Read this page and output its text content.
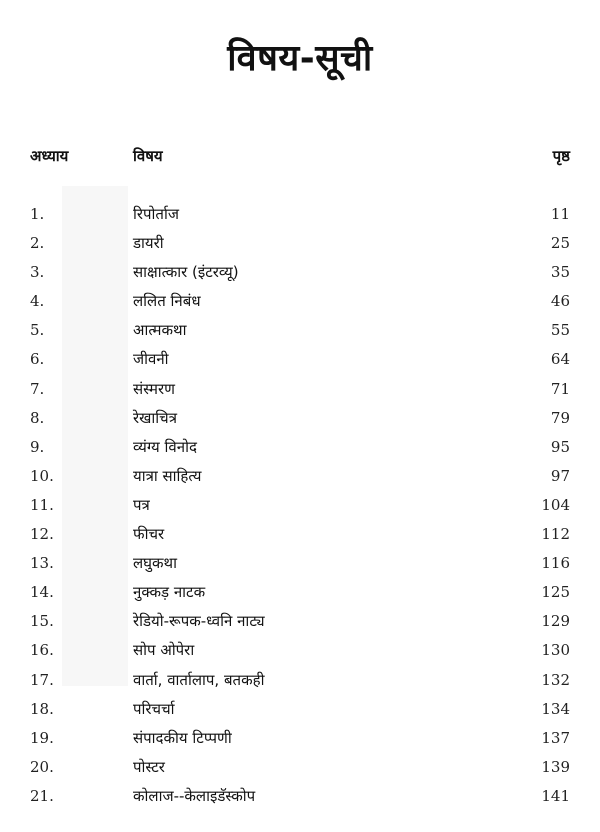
विषय-सूची
अध्याय	विषय	पृष्ठ
1.	रिपोर्ताज	11
2.	डायरी	25
3.	साक्षात्कार (इंटरव्यू)	35
4.	ललित निबंध	46
5.	आत्मकथा	55
6.	जीवनी	64
7.	संस्मरण	71
8.	रेखाचित्र	79
9.	व्यंग्य विनोद	95
10.	यात्रा साहित्य	97
11.	पत्र	104
12.	फीचर	112
13.	लघुकथा	116
14.	नुक्कड़ नाटक	125
15.	रेडियो-रूपक-ध्वनि नाट्य	129
16.	सोप ओपेरा	130
17.	वार्ता, वार्तालाप, बतकही	132
18.	परिचर्चा	134
19.	संपादकीय टिप्पणी	137
20.	पोस्टर	139
21.	कोलाज--केलाइडॅस्कोप	141
